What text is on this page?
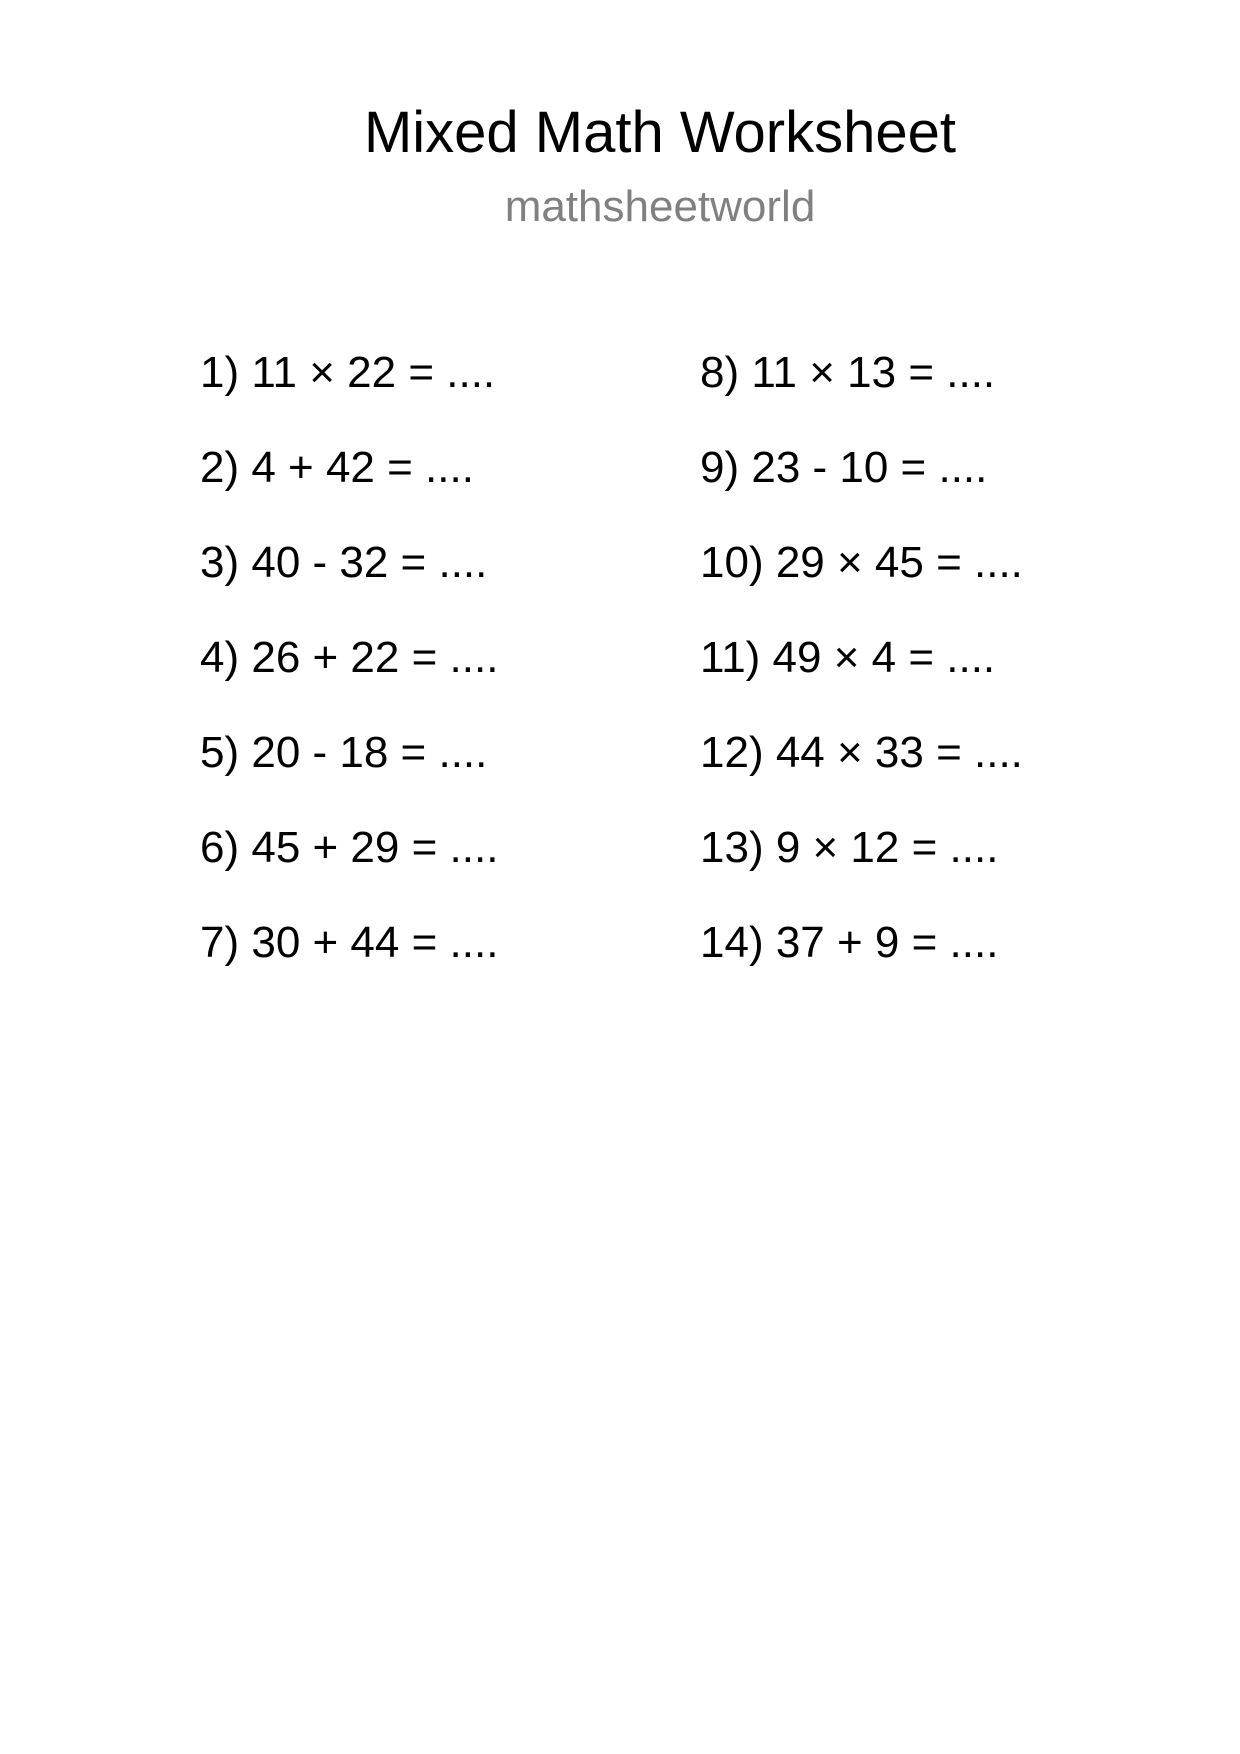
Mixed Math Worksheet
mathsheetworld
1) 11 × 22 = ....
2) 4 + 42 = ....
3) 40 - 32 = ....
4) 26 + 22 = ....
5) 20 - 18 = ....
6) 45 + 29 = ....
7) 30 + 44 = ....
8) 11 × 13 = ....
9) 23 - 10 = ....
10) 29 × 45 = ....
11) 49 × 4 = ....
12) 44 × 33 = ....
13) 9 × 12 = ....
14) 37 + 9 = ....
